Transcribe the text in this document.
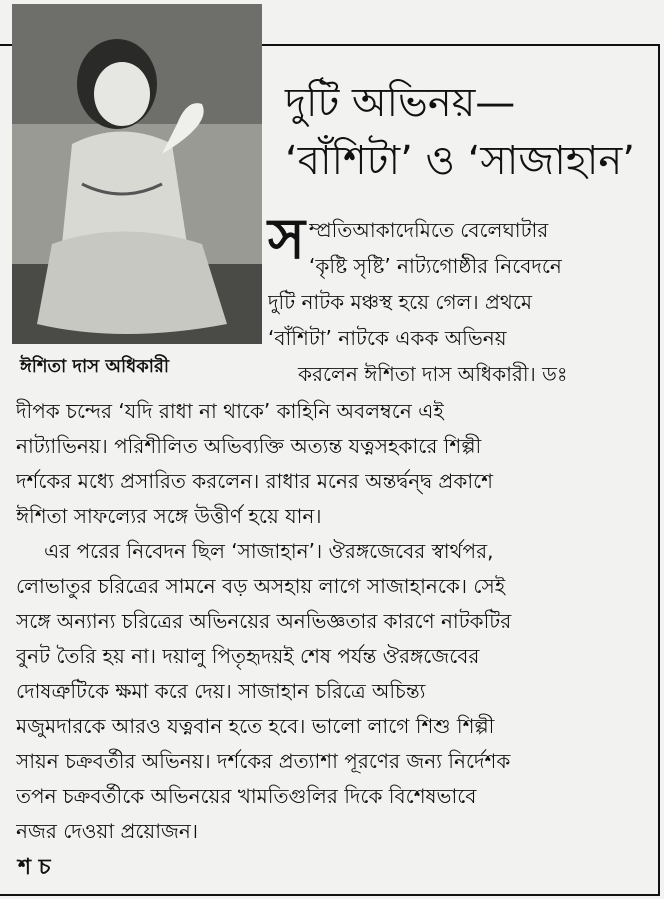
ঈশিতা দাস অধিকারী
দুটি অভিনয়—
‘বাঁশিটা’ ও ‘সাজাহান’
স ম্প্রতিআকাদেমিতে বেলেঘাটার
‘কৃষ্টি সৃষ্টি’ নাট্যগোষ্ঠীর নিবেদনে
দুটি নাটক মঞ্চস্থ হয়ে গেল। প্রথমে
‘বাঁশিটা’ নাটকে একক অভিনয়
করলেন ঈশিতা দাস অধিকারী। ডঃ
দীপক চন্দের ‘যদি রাধা না থাকে’ কাহিনি অবলম্বনে এই
নাট্যাভিনয়। পরিশীলিত অভিব্যক্তি অত্যন্ত যত্নসহকারে শিল্পী
দর্শকের মধ্যে প্রসারিত করলেন। রাধার মনের অন্তর্দ্বন্দ্ব প্রকাশে
ঈশিতা সাফল্যের সঙ্গে উত্তীর্ণ হয়ে যান।
এর পরের নিবেদন ছিল ‘সাজাহান’। ঔরঙ্গজেবের স্বার্থপর,
লোভাতুর চরিত্রের সামনে বড় অসহায় লাগে সাজাহানকে। সেই
সঙ্গে অন্যান্য চরিত্রের অভিনয়ের অনভিজ্ঞতার কারণে নাটকটির
বুনট তৈরি হয় না। দয়ালু পিতৃহৃদয়ই শেষ পর্যন্ত ঔরঙ্গজেবের
দোষত্রুটিকে ক্ষমা করে দেয়। সাজাহান চরিত্রে অচিন্ত্য
মজুমদারকে আরও যত্নবান হতে হবে। ভালো লাগে শিশু শিল্পী
সায়ন চক্রবর্তীর অভিনয়। দর্শকের প্রত্যাশা পূরণের জন্য নির্দেশক
তপন চক্রবর্তীকে অভিনয়ের খামতিগুলির দিকে বিশেষভাবে
নজর দেওয়া প্রয়োজন।
শ চ
